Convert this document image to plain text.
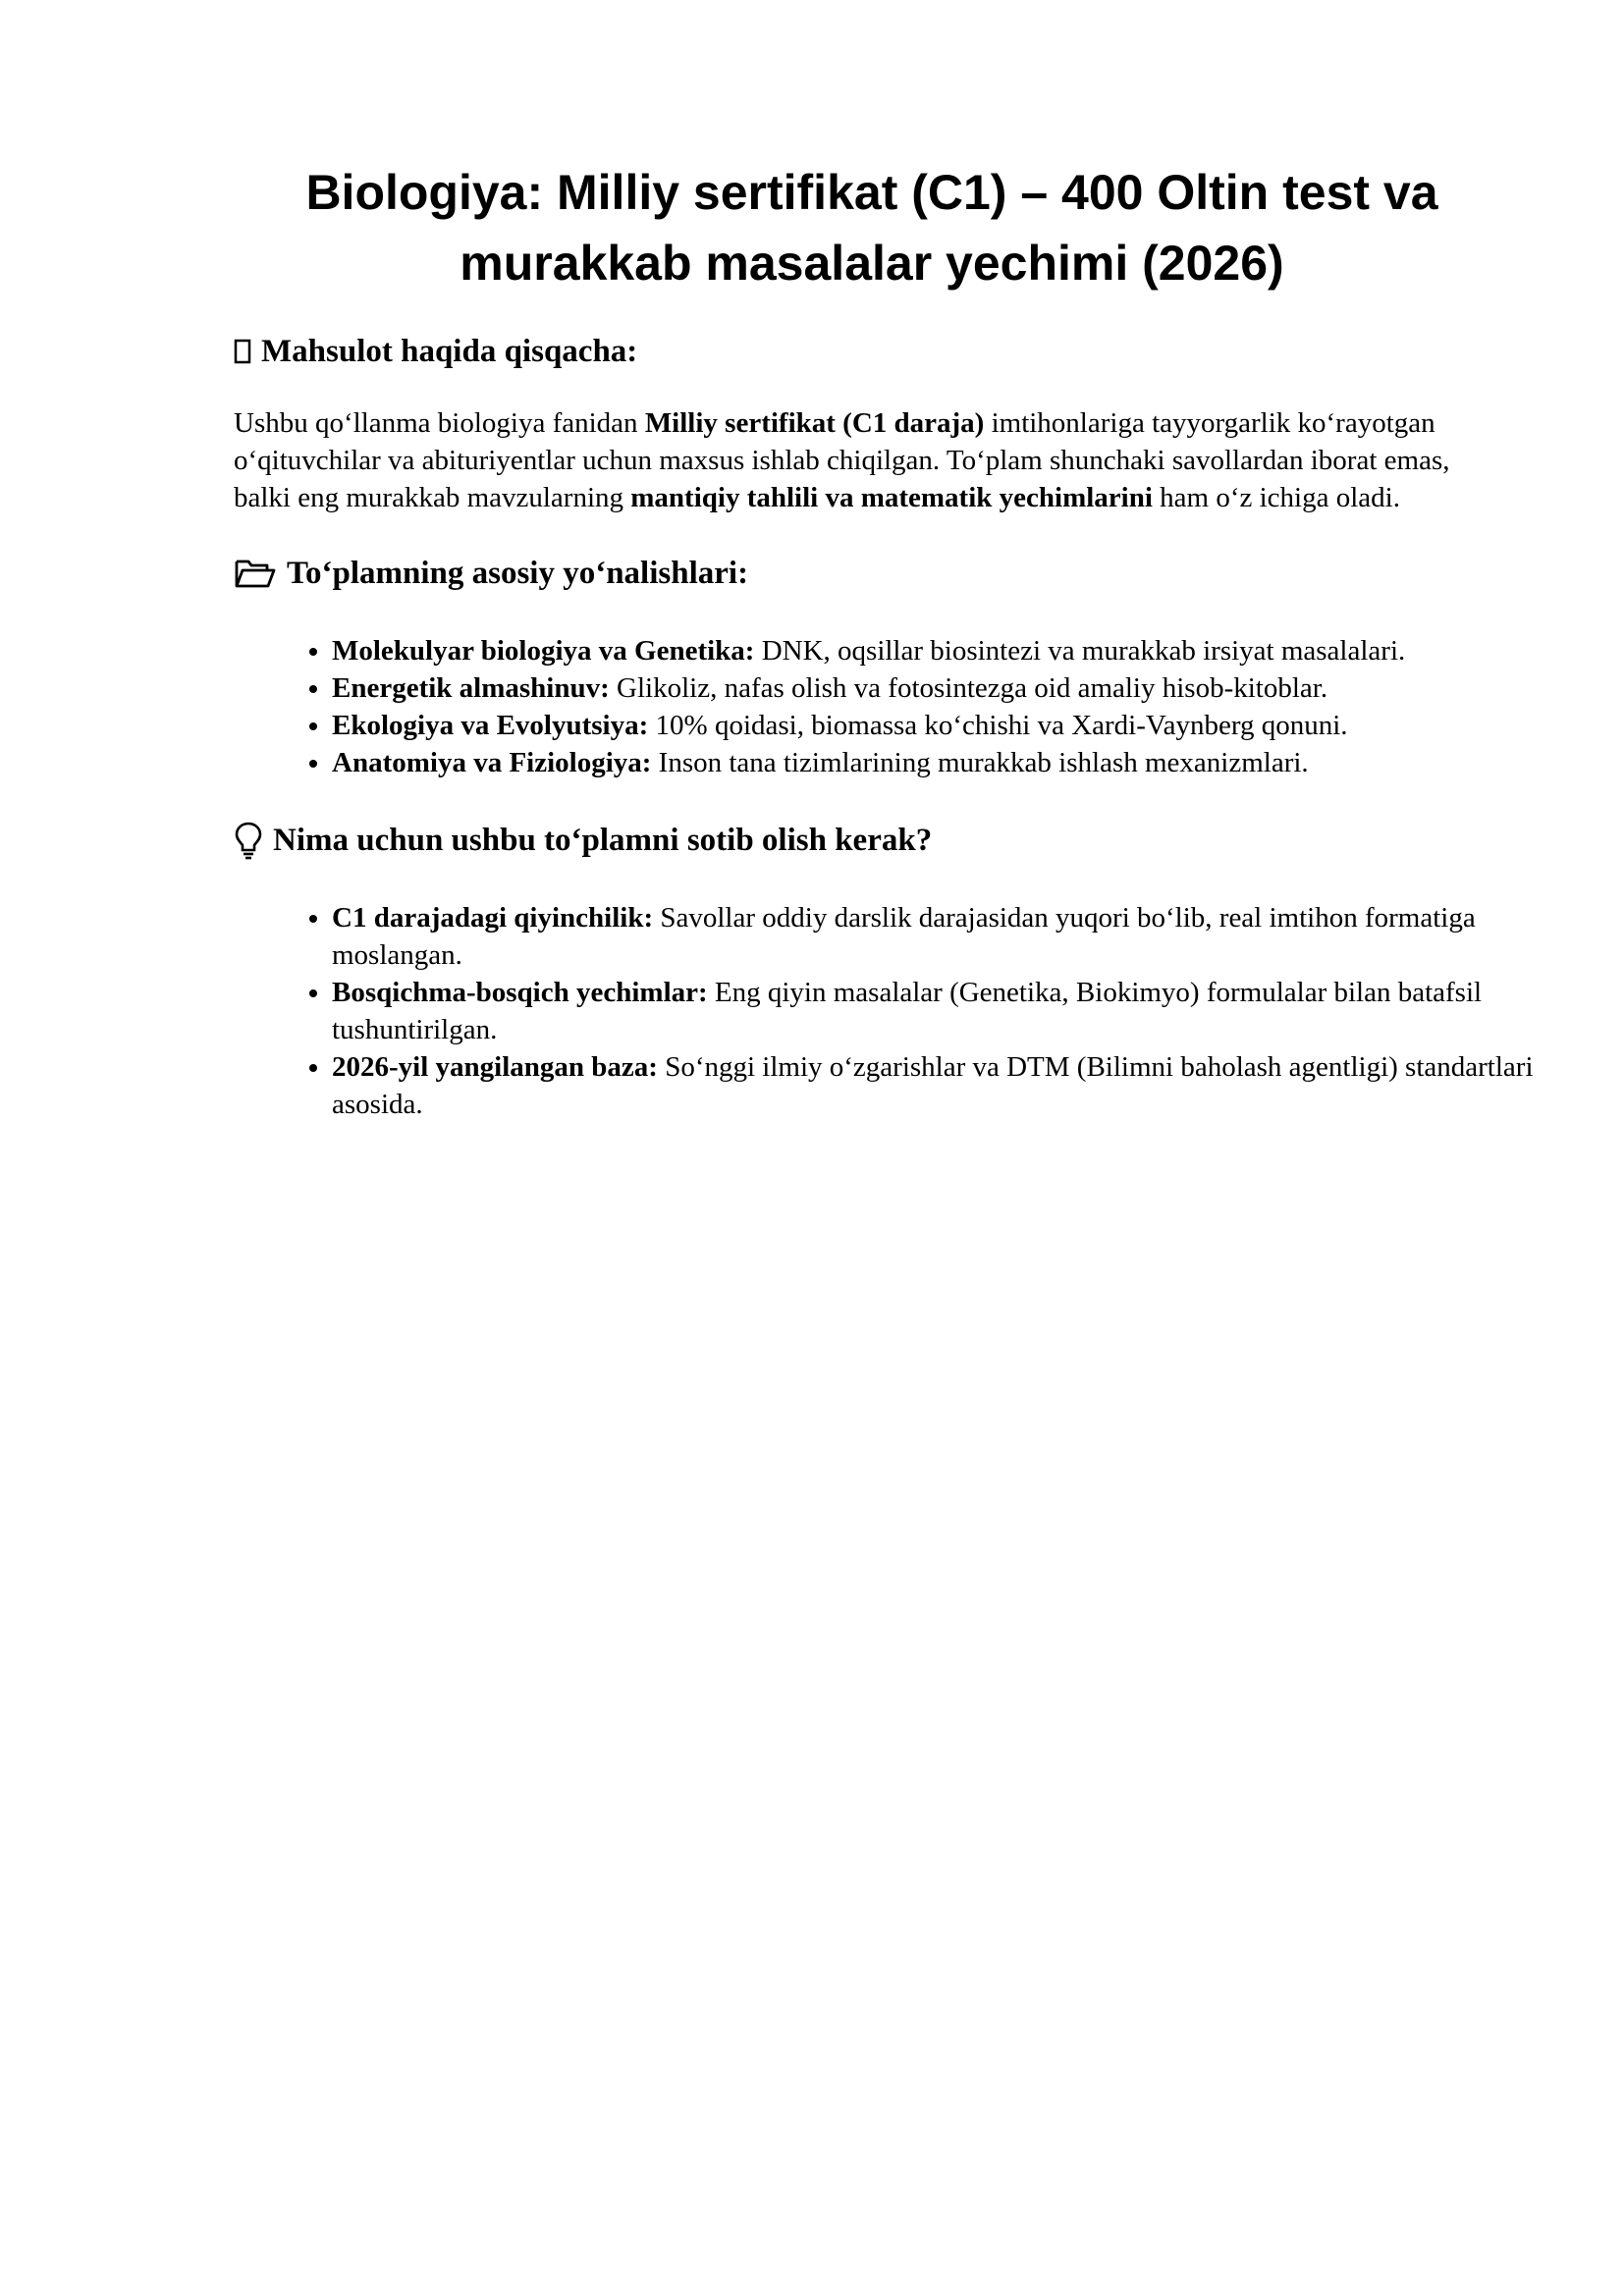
Biologiya: Milliy sertifikat (C1) – 400 Oltin test va
murakkab masalalar yechimi (2026)
Mahsulot haqida qisqacha:

Ushbu qo‘llanma biologiya fanidan Milliy sertifikat (C1 daraja) imtihonlariga tayyorgarlik ko‘rayotgan o‘qituvchilar va abituriyentlar uchun maxsus ishlab chiqilgan. To‘plam shunchaki savollardan iborat emas, balki eng murakkab mavzularning mantiqiy tahlili va matematik yechimlarini ham o‘z ichiga oladi.

To‘plamning asosiy yo‘nalishlari:
• Molekulyar biologiya va Genetika: DNK, oqsillar biosintezi va murakkab irsiyat masalalari.
• Energetik almashinuv: Glikoliz, nafas olish va fotosintezga oid amaliy hisob-kitoblar.
• Ekologiya va Evolyutsiya: 10% qoidasi, biomassa ko‘chishi va Xardi-Vaynberg qonuni.
• Anatomiya va Fiziologiya: Inson tana tizimlarining murakkab ishlash mexanizmlari.
Nima uchun ushbu to‘plamni sotib olish kerak?
• C1 darajadagi qiyinchilik: Savollar oddiy darslik darajasidan yuqori bo‘lib, real imtihon formatiga moslangan.
• Bosqichma-bosqich yechimlar: Eng qiyin masalalar (Genetika, Biokimyo) formulalar bilan batafsil tushuntirilgan.
• 2026-yil yangilangan baza: So‘nggi ilmiy o‘zgarishlar va DTM (Bilimni baholash agentligi) standartlari asosida.
